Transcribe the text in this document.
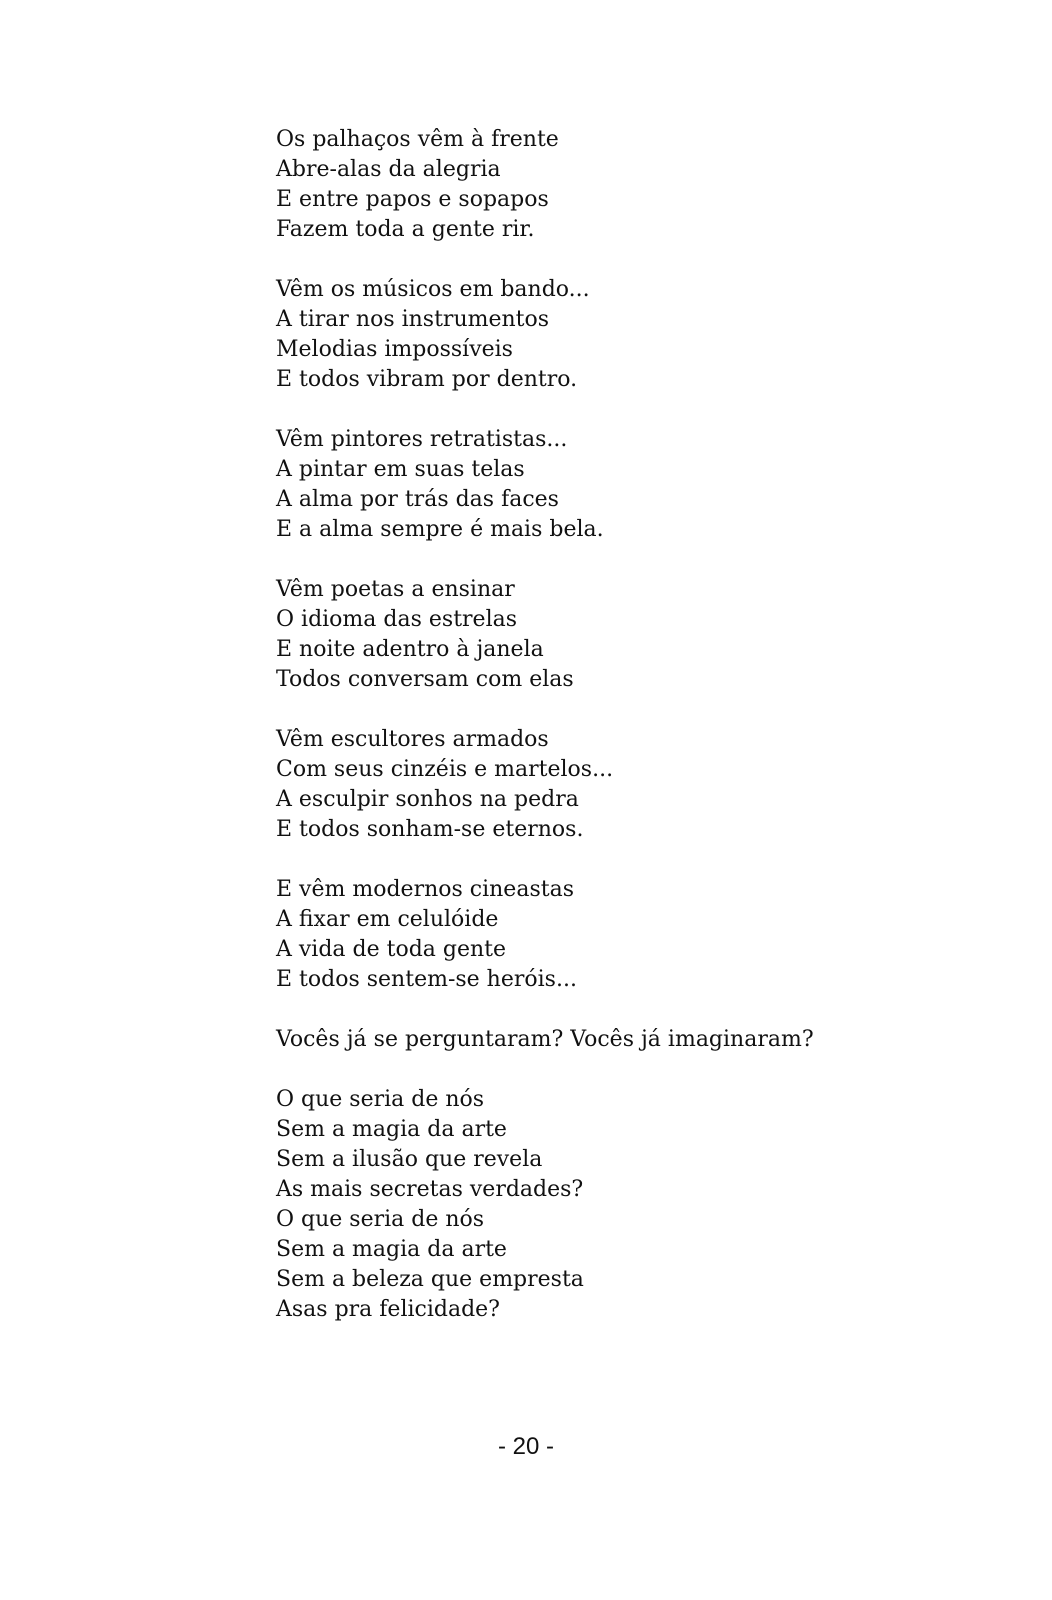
Os palhaços vêm à frente
Abre-alas da alegria
E entre papos e sopapos
Fazem toda a gente rir.
Vêm os músicos em bando...
A tirar nos instrumentos
Melodias impossíveis
E todos vibram por dentro.
Vêm pintores retratistas...
A pintar em suas telas
A alma por trás das faces
E a alma sempre é mais bela.
Vêm poetas a ensinar
O idioma das estrelas
E noite adentro à janela
Todos conversam com elas
Vêm escultores armados
Com seus cinzéis e martelos...
A esculpir sonhos na pedra
E todos sonham-se eternos.
E vêm modernos cineastas
A fixar em celulóide
A vida de toda gente
E todos sentem-se heróis...
Vocês já se perguntaram? Vocês já imaginaram?
O que seria de nós
Sem a magia da arte
Sem a ilusão que revela
As mais secretas verdades?
O que seria de nós
Sem a magia da arte
Sem a beleza que empresta
Asas pra felicidade?
- 20 -
